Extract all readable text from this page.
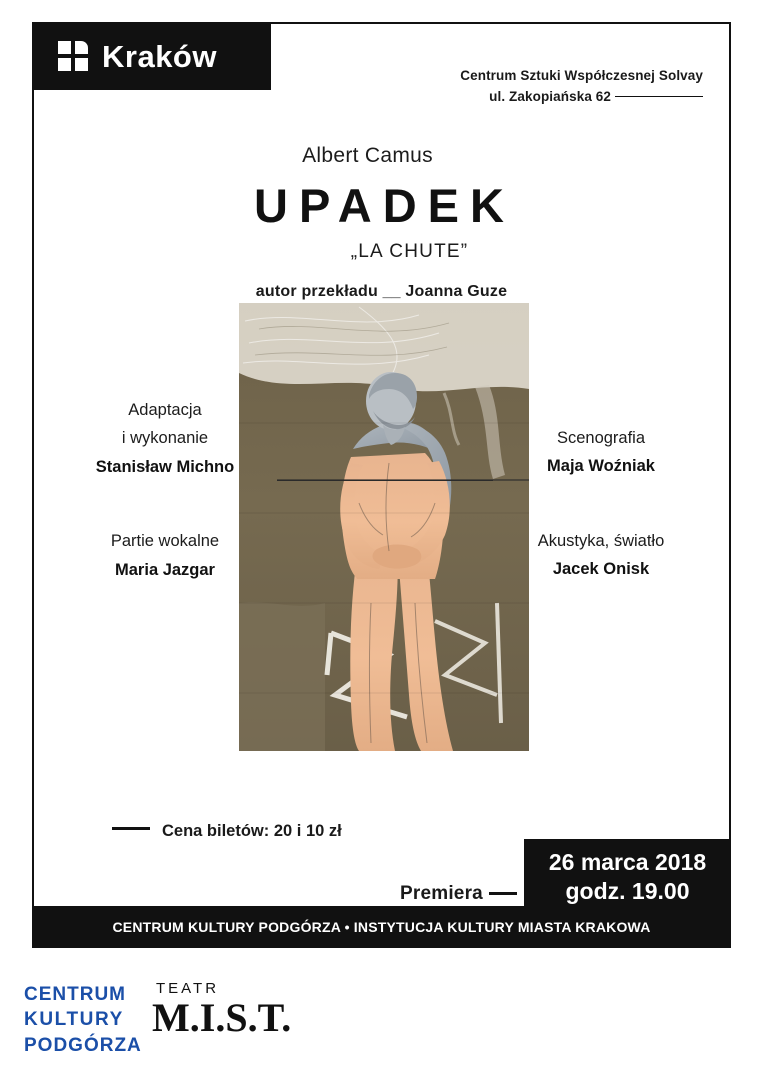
Kraków
Centrum Sztuki Współczesnej Solvay
ul. Zakopiańska 62
Albert Camus
UPADEK
„LA CHUTE”
autor przekładu __ Joanna Guze
Adaptacja
i wykonanie
Stanisław Michno
Partie wokalne
Maria Jazgar
Scenografia
Maja Woźniak
Akustyka, światło
Jacek Onisk
Cena biletów: 20 i 10 zł
Premiera
26 marca 2018
godz. 19.00
CENTRUM KULTURY PODGÓRZA • INSTYTUCJA KULTURY MIASTA KRAKOWA
CENTRUM
KULTURY
PODGÓRZA
TEATR
M.I.S.T.
